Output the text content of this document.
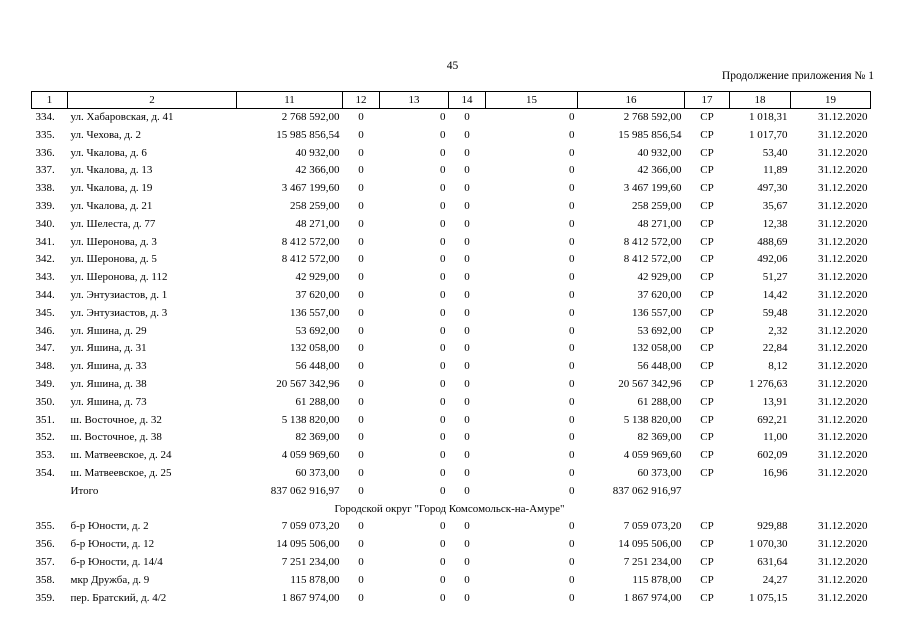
45
Продолжение приложения № 1
1	2	11	12	13	14	15	16	17	18	19
334.	ул. Хабаровская, д. 41	2 768 592,00	0	0	0	0	2 768 592,00	СР	1 018,31	31.12.2020
335.	ул. Чехова, д. 2	15 985 856,54	0	0	0	0	15 985 856,54	СР	1 017,70	31.12.2020
336.	ул. Чкалова, д. 6	40 932,00	0	0	0	0	40 932,00	СР	53,40	31.12.2020
337.	ул. Чкалова, д. 13	42 366,00	0	0	0	0	42 366,00	СР	11,89	31.12.2020
338.	ул. Чкалова, д. 19	3 467 199,60	0	0	0	0	3 467 199,60	СР	497,30	31.12.2020
339.	ул. Чкалова, д. 21	258 259,00	0	0	0	0	258 259,00	СР	35,67	31.12.2020
340.	ул. Шелеста, д. 77	48 271,00	0	0	0	0	48 271,00	СР	12,38	31.12.2020
341.	ул. Шеронова, д. 3	8 412 572,00	0	0	0	0	8 412 572,00	СР	488,69	31.12.2020
342.	ул. Шеронова, д. 5	8 412 572,00	0	0	0	0	8 412 572,00	СР	492,06	31.12.2020
343.	ул. Шеронова, д. 112	42 929,00	0	0	0	0	42 929,00	СР	51,27	31.12.2020
344.	ул. Энтузиастов, д. 1	37 620,00	0	0	0	0	37 620,00	СР	14,42	31.12.2020
345.	ул. Энтузиастов, д. 3	136 557,00	0	0	0	0	136 557,00	СР	59,48	31.12.2020
346.	ул. Яшина, д. 29	53 692,00	0	0	0	0	53 692,00	СР	2,32	31.12.2020
347.	ул. Яшина, д. 31	132 058,00	0	0	0	0	132 058,00	СР	22,84	31.12.2020
348.	ул. Яшина, д. 33	56 448,00	0	0	0	0	56 448,00	СР	8,12	31.12.2020
349.	ул. Яшина, д. 38	20 567 342,96	0	0	0	0	20 567 342,96	СР	1 276,63	31.12.2020
350.	ул. Яшина, д. 73	61 288,00	0	0	0	0	61 288,00	СР	13,91	31.12.2020
351.	ш. Восточное, д. 32	5 138 820,00	0	0	0	0	5 138 820,00	СР	692,21	31.12.2020
352.	ш. Восточное, д. 38	82 369,00	0	0	0	0	82 369,00	СР	11,00	31.12.2020
353.	ш. Матвеевское, д. 24	4 059 969,60	0	0	0	0	4 059 969,60	СР	602,09	31.12.2020
354.	ш. Матвеевское, д. 25	60 373,00	0	0	0	0	60 373,00	СР	16,96	31.12.2020
	Итого	837 062 916,97	0	0	0	0	837 062 916,97			
Городской округ "Город Комсомольск-на-Амуре"										
355.	б-р Юности, д. 2	7 059 073,20	0	0	0	0	7 059 073,20	СР	929,88	31.12.2020
356.	б-р Юности, д. 12	14 095 506,00	0	0	0	0	14 095 506,00	СР	1 070,30	31.12.2020
357.	б-р Юности, д. 14/4	7 251 234,00	0	0	0	0	7 251 234,00	СР	631,64	31.12.2020
358.	мкр Дружба, д. 9	115 878,00	0	0	0	0	115 878,00	СР	24,27	31.12.2020
359.	пер. Братский, д. 4/2	1 867 974,00	0	0	0	0	1 867 974,00	СР	1 075,15	31.12.2020
